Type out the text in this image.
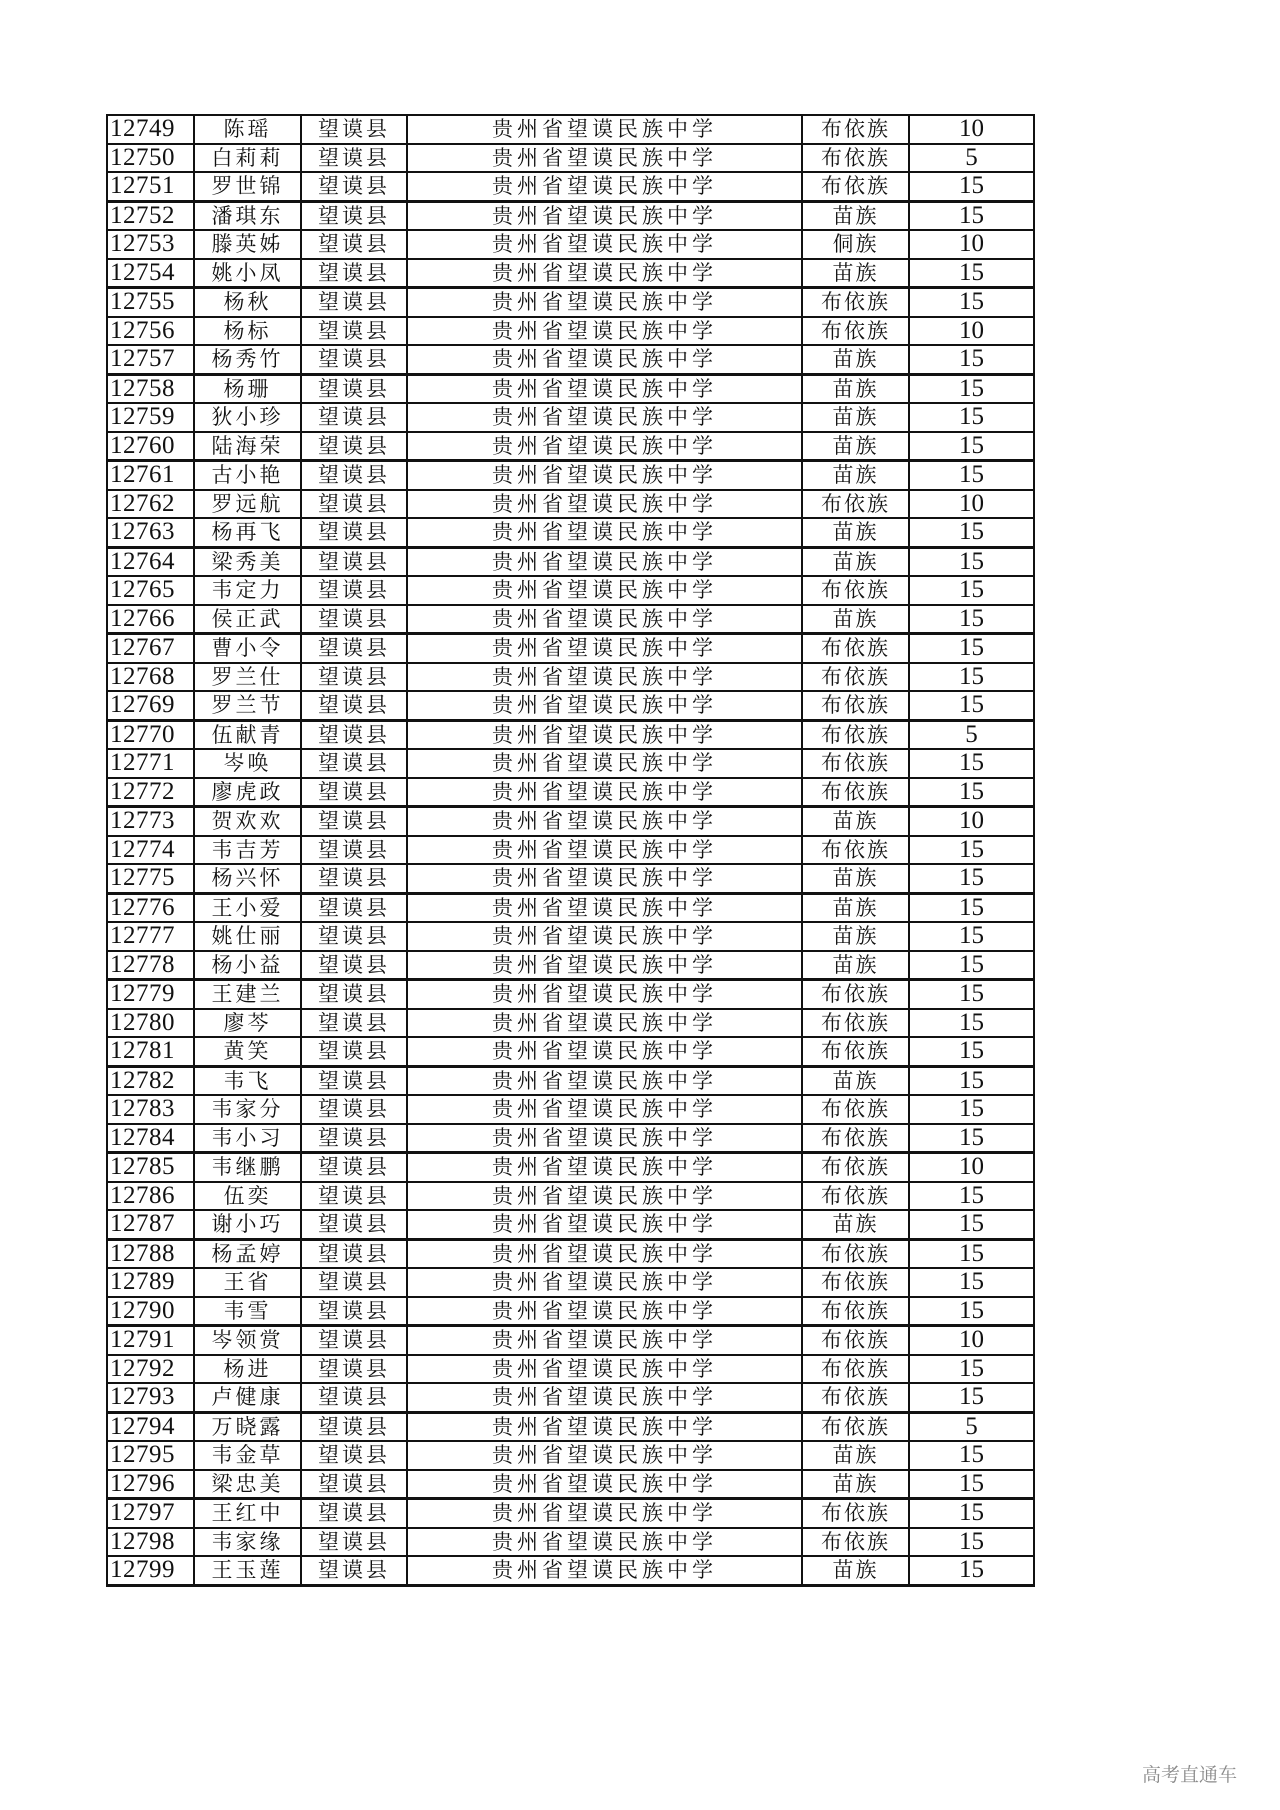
12749	陈瑶	望谟县	贵州省望谟民族中学	布依族	10
12750	白莉莉	望谟县	贵州省望谟民族中学	布依族	5
12751	罗世锦	望谟县	贵州省望谟民族中学	布依族	15
12752	潘琪东	望谟县	贵州省望谟民族中学	苗族	15
12753	滕英姊	望谟县	贵州省望谟民族中学	侗族	10
12754	姚小凤	望谟县	贵州省望谟民族中学	苗族	15
12755	杨秋	望谟县	贵州省望谟民族中学	布依族	15
12756	杨标	望谟县	贵州省望谟民族中学	布依族	10
12757	杨秀竹	望谟县	贵州省望谟民族中学	苗族	15
12758	杨珊	望谟县	贵州省望谟民族中学	苗族	15
12759	狄小珍	望谟县	贵州省望谟民族中学	苗族	15
12760	陆海荣	望谟县	贵州省望谟民族中学	苗族	15
12761	古小艳	望谟县	贵州省望谟民族中学	苗族	15
12762	罗远航	望谟县	贵州省望谟民族中学	布依族	10
12763	杨再飞	望谟县	贵州省望谟民族中学	苗族	15
12764	梁秀美	望谟县	贵州省望谟民族中学	苗族	15
12765	韦定力	望谟县	贵州省望谟民族中学	布依族	15
12766	侯正武	望谟县	贵州省望谟民族中学	苗族	15
12767	曹小令	望谟县	贵州省望谟民族中学	布依族	15
12768	罗兰仕	望谟县	贵州省望谟民族中学	布依族	15
12769	罗兰节	望谟县	贵州省望谟民族中学	布依族	15
12770	伍献青	望谟县	贵州省望谟民族中学	布依族	5
12771	岑唤	望谟县	贵州省望谟民族中学	布依族	15
12772	廖虎政	望谟县	贵州省望谟民族中学	布依族	15
12773	贺欢欢	望谟县	贵州省望谟民族中学	苗族	10
12774	韦吉芳	望谟县	贵州省望谟民族中学	布依族	15
12775	杨兴怀	望谟县	贵州省望谟民族中学	苗族	15
12776	王小爱	望谟县	贵州省望谟民族中学	苗族	15
12777	姚仕丽	望谟县	贵州省望谟民族中学	苗族	15
12778	杨小益	望谟县	贵州省望谟民族中学	苗族	15
12779	王建兰	望谟县	贵州省望谟民族中学	布依族	15
12780	廖芩	望谟县	贵州省望谟民族中学	布依族	15
12781	黄笑	望谟县	贵州省望谟民族中学	布依族	15
12782	韦飞	望谟县	贵州省望谟民族中学	苗族	15
12783	韦家分	望谟县	贵州省望谟民族中学	布依族	15
12784	韦小习	望谟县	贵州省望谟民族中学	布依族	15
12785	韦继鹏	望谟县	贵州省望谟民族中学	布依族	10
12786	伍奕	望谟县	贵州省望谟民族中学	布依族	15
12787	谢小巧	望谟县	贵州省望谟民族中学	苗族	15
12788	杨孟婷	望谟县	贵州省望谟民族中学	布依族	15
12789	王省	望谟县	贵州省望谟民族中学	布依族	15
12790	韦雪	望谟县	贵州省望谟民族中学	布依族	15
12791	岑领赏	望谟县	贵州省望谟民族中学	布依族	10
12792	杨进	望谟县	贵州省望谟民族中学	布依族	15
12793	卢健康	望谟县	贵州省望谟民族中学	布依族	15
12794	万晓露	望谟县	贵州省望谟民族中学	布依族	5
12795	韦金草	望谟县	贵州省望谟民族中学	苗族	15
12796	梁忠美	望谟县	贵州省望谟民族中学	苗族	15
12797	王红中	望谟县	贵州省望谟民族中学	布依族	15
12798	韦家缘	望谟县	贵州省望谟民族中学	布依族	15
12799	王玉莲	望谟县	贵州省望谟民族中学	苗族	15
高考直通车
